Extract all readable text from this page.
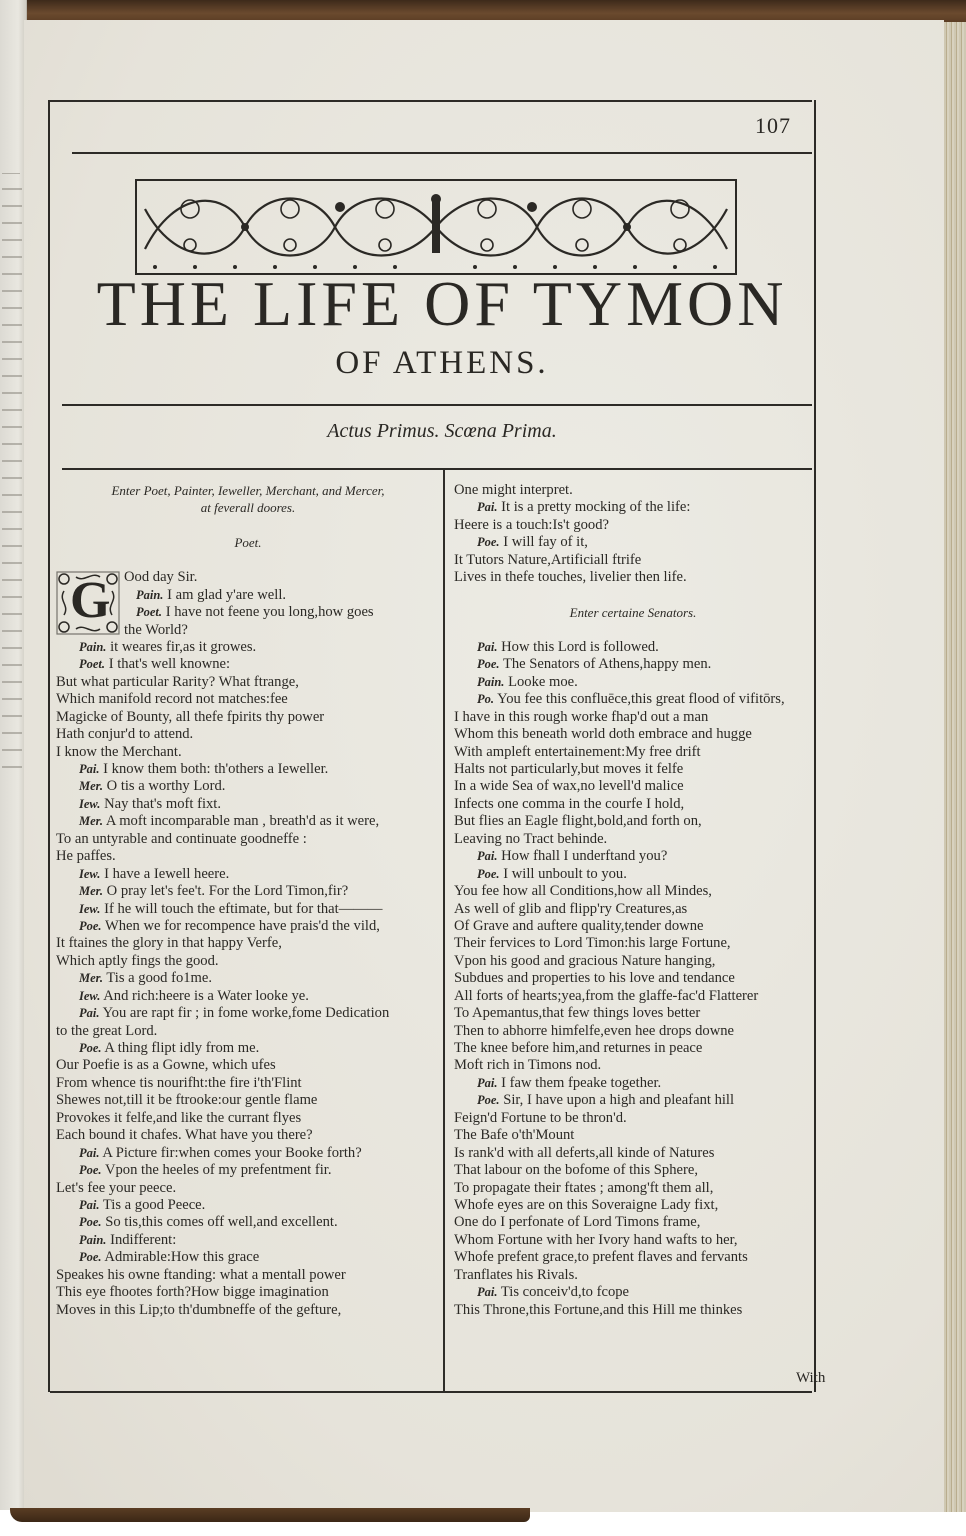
107
THE LIFE OF TYMON
OF ATHENS.
Actus Primus. Scœna Prima.
Enter Poet, Painter, Ieweller, Merchant, and Mercer,
at feverall doores.
Poet.
G Ood day Sir.
Pain. I am glad y'are well.
Poet. I have not feene you long,how goes
the World?
Pain. it weares fir,as it growes.
Poet. I that's well knowne:
But what particular Rarity? What ftrange,
Which manifold record not matches:fee
Magicke of Bounty, all thefe fpirits thy power
Hath conjur'd to attend.
I know the Merchant.
Pai. I know them both: th'others a Ieweller.
Mer. O tis a worthy Lord.
Iew. Nay that's moft fixt.
Mer. A moft incomparable man , breath'd as it were,
To an untyrable and continuate goodneffe :
He paffes.
Iew. I have a Iewell heere.
Mer. O pray let's fee't. For the Lord Timon,fir?
Iew. If he will touch the eftimate, but for that———
Poe. When we for recompence have prais'd the vild,
It ftaines the glory in that happy Verfe,
Which aptly fings the good.
Mer. Tis a good fo1me.
Iew. And rich:heere is a Water looke ye.
Pai. You are rapt fir ; in fome worke,fome Dedication
to the great Lord.
Poe. A thing flipt idly from me.
Our Poefie is as a Gowne, which ufes
From whence tis nourifht:the fire i'th'Flint
Shewes not,till it be ftrooke:our gentle flame
Provokes it felfe,and like the currant flyes
Each bound it chafes. What have you there?
Pai. A Picture fir:when comes your Booke forth?
Poe. Vpon the heeles of my prefentment fir.
Let's fee your peece.
Pai. Tis a good Peece.
Poe. So tis,this comes off well,and excellent.
Pain. Indifferent:
Poe. Admirable:How this grace
Speakes his owne ftanding: what a mentall power
This eye fhootes forth?How bigge imagination
Moves in this Lip;to th'dumbneffe of the gefture,
One might interpret.
Pai. It is a pretty mocking of the life:
Heere is a touch:Is't good?
Poe. I will fay of it,
It Tutors Nature,Artificiall ftrife
Lives in thefe touches, livelier then life.
Enter certaine Senators.
Pai. How this Lord is followed.
Poe. The Senators of Athens,happy men.
Pain. Looke moe.
Po. You fee this confluēce,this great flood of vifitōrs,
I have in this rough worke fhap'd out a man
Whom this beneath world doth embrace and hugge
With ampleft entertainement:My free drift
Halts not particularly,but moves it felfe
In a wide Sea of wax,no levell'd malice
Infects one comma in the courfe I hold,
But flies an Eagle flight,bold,and forth on,
Leaving no Tract behinde.
Pai. How fhall I underftand you?
Poe. I will unboult to you.
You fee how all Conditions,how all Mindes,
As well of glib and flipp'ry Creatures,as
Of Grave and auftere quality,tender downe
Their fervices to Lord Timon:his large Fortune,
Vpon his good and gracious Nature hanging,
Subdues and properties to his love and tendance
All forts of hearts;yea,from the glaffe-fac'd Flatterer
To Apemantus,that few things loves better
Then to abhorre himfelfe,even hee drops downe
The knee before him,and returnes in peace
Moft rich in Timons nod.
Pai. I faw them fpeake together.
Poe. Sir, I have upon a high and pleafant hill
Feign'd Fortune to be thron'd.
The Bafe o'th'Mount
Is rank'd with all deferts,all kinde of Natures
That labour on the bofome of this Sphere,
To propagate their ftates ; among'ft them all,
Whofe eyes are on this Soveraigne Lady fixt,
One do I perfonate of Lord Timons frame,
Whom Fortune with her Ivory hand wafts to her,
Whofe prefent grace,to prefent flaves and fervants
Tranflates his Rivals.
Pai. Tis conceiv'd,to fcope
This Throne,this Fortune,and this Hill me thinkes
With
